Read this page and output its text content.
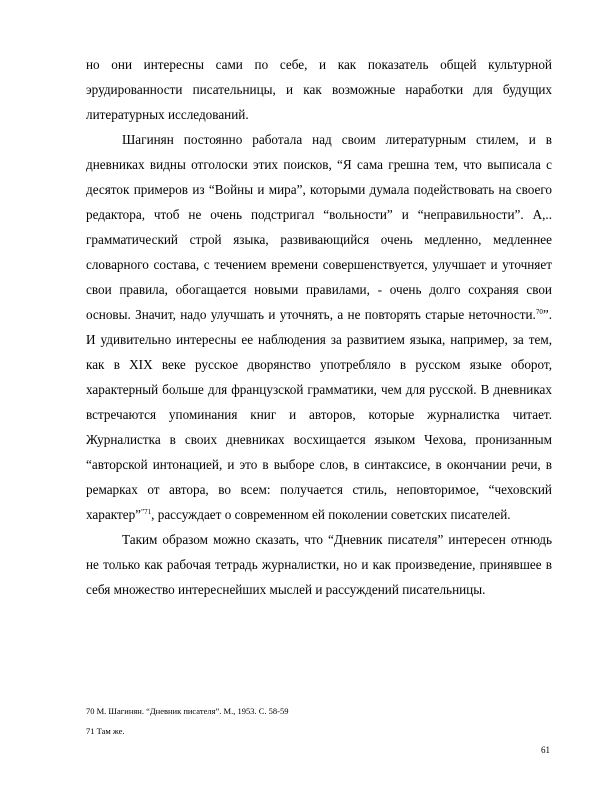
но они интересны сами по себе, и как показатель общей культурной эрудированности писательницы, и как возможные наработки для будущих литературных исследований.

Шагинян постоянно работала над своим литературным стилем, и в дневниках видны отголоски этих поисков, “Я сама грешна тем, что выписала с десяток примеров из “Войны и мира”, которыми думала подействовать на своего редактора, чтоб не очень подстригал “вольности” и “неправильности”. А,.. грамматический строй языка, развивающийся очень медленно, медленнее словарного состава, с течением времени совершенствуется, улучшает и уточняет свои правила, обогащается новыми правилами, - очень долго сохраняя свои основы. Значит, надо улучшать и уточнять, а не повторять старые неточности.$^{70}$”. И удивительно интересны ее наблюдения за развитием языка, например, за тем, как в XIX веке русское дворянство употребляло в русском языке оборот, характерный больше для французской грамматики, чем для русской. В дневниках встречаются упоминания книг и авторов, которые журналистка читает. Журналистка в своих дневниках восхищается языком Чехова, пронизанным “авторской интонацией, и это в выборе слов, в синтаксисе, в окончании речи, в ремарках от автора, во всем: получается стиль, неповторимое, “чеховский характер”$^{”71}$, рассуждает о современном ей поколении советских писателей.

Таким образом можно сказать, что “Дневник писателя” интересен отнюдь не только как рабочая тетрадь журналистки, но и как произведение, принявшее в себя множество интереснейших мыслей и рассуждений писательницы.

70 М. Шагинян. “Дневник писателя”. М., 1953. С. 58-59

71 Там же.

61
